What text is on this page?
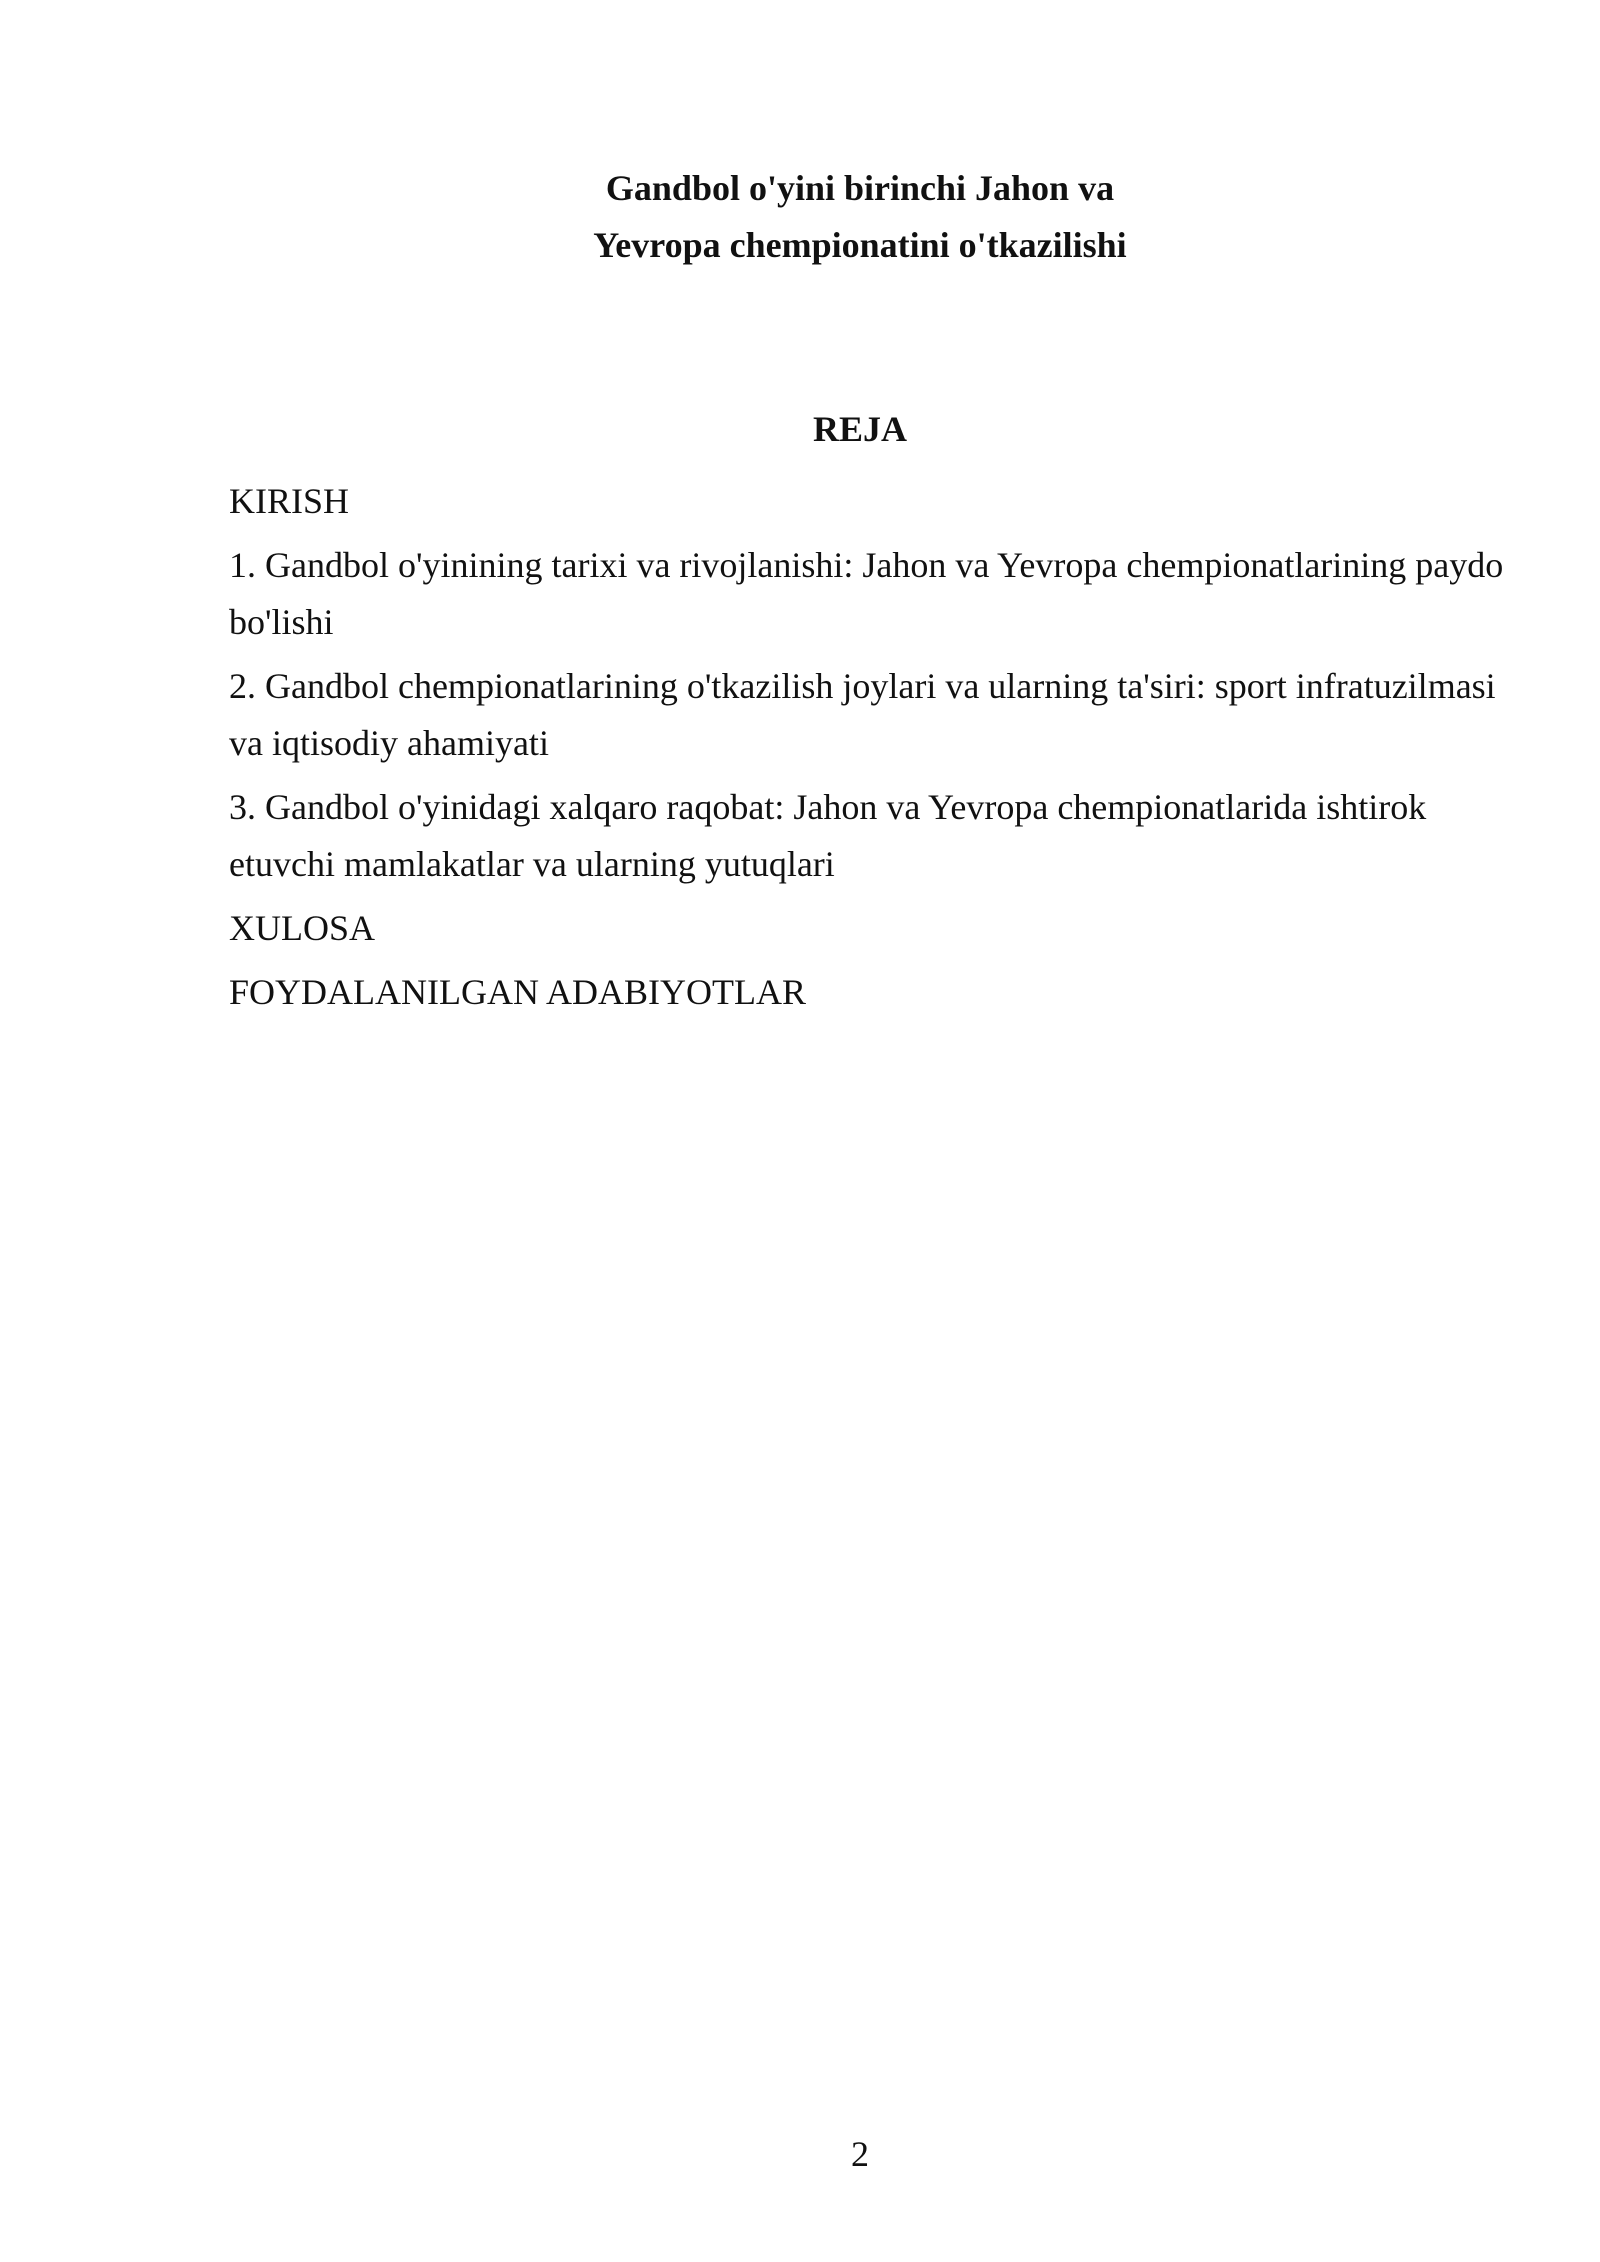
Gandbol o'yini birinchi Jahon va
Yevropa chempionatini o'tkazilishi
REJA
KIRISH
1. Gandbol o'yinining tarixi va rivojlanishi: Jahon va Yevropa chempionatlarining paydo bo'lishi
2. Gandbol chempionatlarining o'tkazilish joylari va ularning ta'siri: sport infratuzilmasi va iqtisodiy ahamiyati
3. Gandbol o'yinidagi xalqaro raqobat: Jahon va Yevropa chempionatlarida ishtirok etuvchi mamlakatlar va ularning yutuqlari
XULOSA
FOYDALANILGAN ADABIYOTLAR
2
